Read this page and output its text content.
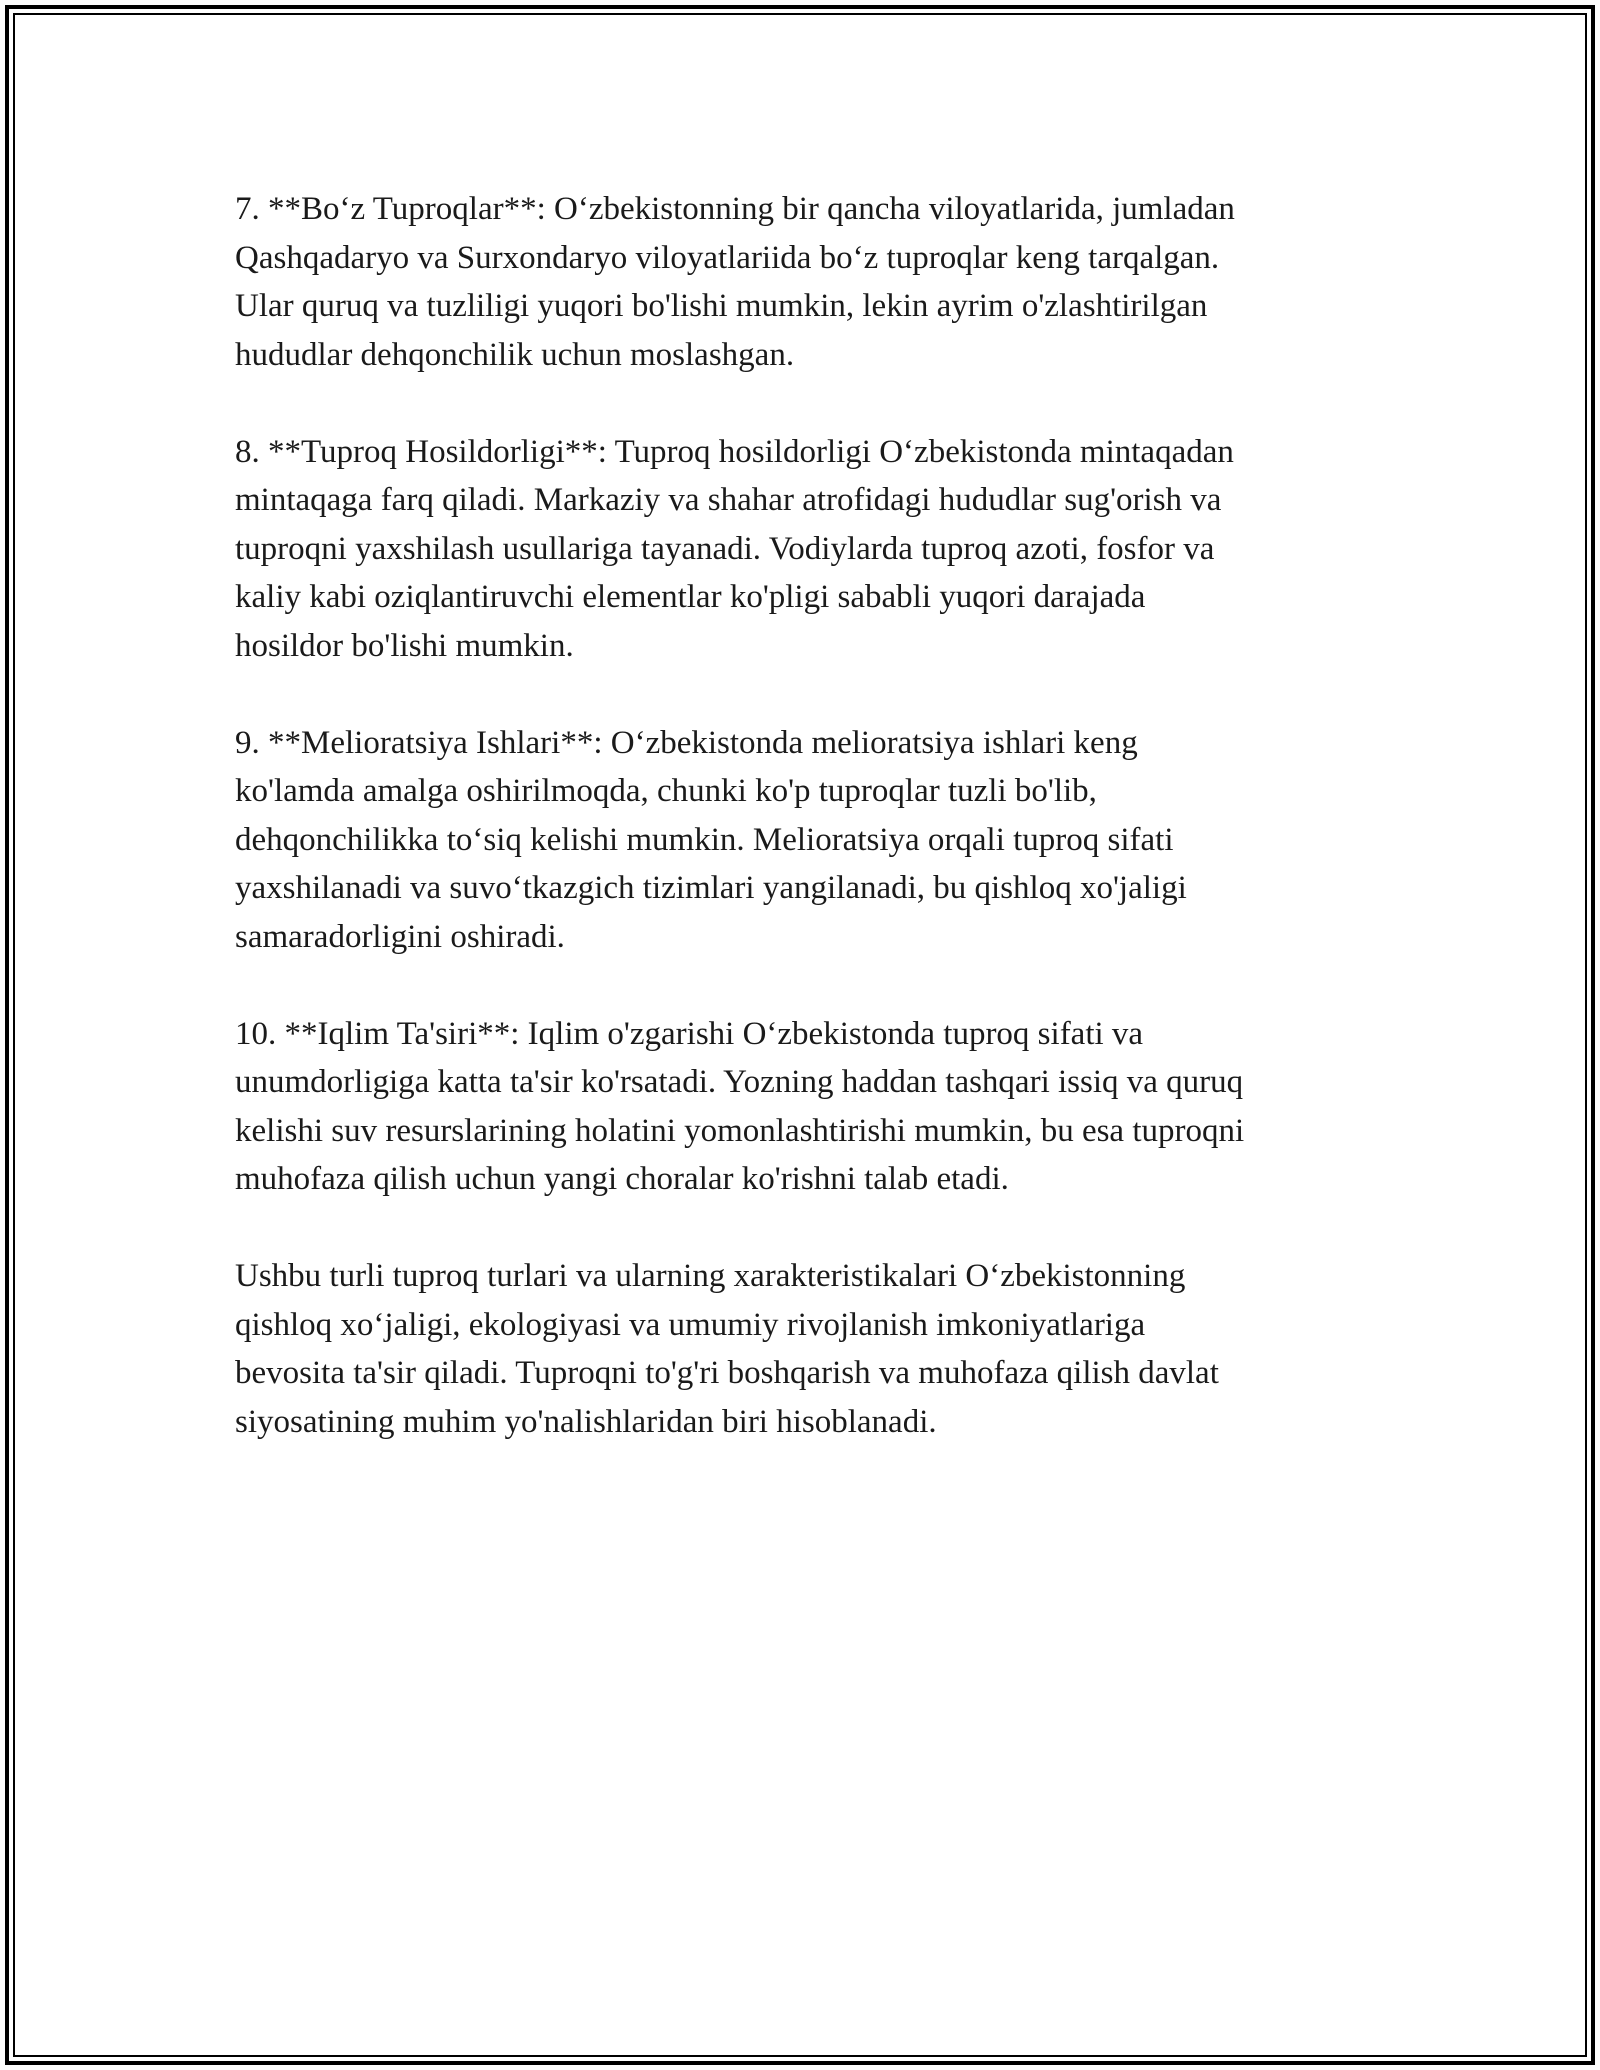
7. **Bo‘z Tuproqlar**: O‘zbekistonning bir qancha viloyatlarida, jumladan
Qashqadaryo va Surxondaryo viloyatlariida bo‘z tuproqlar keng tarqalgan.
Ular quruq va tuzliligi yuqori bo'lishi mumkin, lekin ayrim o'zlashtirilgan
hududlar dehqonchilik uchun moslashgan.

8. **Tuproq Hosildorligi**: Tuproq hosildorligi O‘zbekistonda mintaqadan
mintaqaga farq qiladi. Markaziy va shahar atrofidagi hududlar sug'orish va
tuproqni yaxshilash usullariga tayanadi. Vodiylarda tuproq azoti, fosfor va
kaliy kabi oziqlantiruvchi elementlar ko'pligi sababli yuqori darajada
hosildor bo'lishi mumkin.

9. **Melioratsiya Ishlari**: O‘zbekistonda melioratsiya ishlari keng
ko'lamda amalga oshirilmoqda, chunki ko'p tuproqlar tuzli bo'lib,
dehqonchilikka to‘siq kelishi mumkin. Melioratsiya orqali tuproq sifati
yaxshilanadi va suvo‘tkazgich tizimlari yangilanadi, bu qishloq xo'jaligi
samaradorligini oshiradi.

10. **Iqlim Ta'siri**: Iqlim o'zgarishi O‘zbekistonda tuproq sifati va
unumdorligiga katta ta'sir ko'rsatadi. Yozning haddan tashqari issiq va quruq
kelishi suv resurslarining holatini yomonlashtirishi mumkin, bu esa tuproqni
muhofaza qilish uchun yangi choralar ko'rishni talab etadi.

Ushbu turli tuproq turlari va ularning xarakteristikalari O‘zbekistonning
qishloq xo‘jaligi, ekologiyasi va umumiy rivojlanish imkoniyatlariga
bevosita ta'sir qiladi. Tuproqni to'g'ri boshqarish va muhofaza qilish davlat
siyosatining muhim yo'nalishlaridan biri hisoblanadi.
